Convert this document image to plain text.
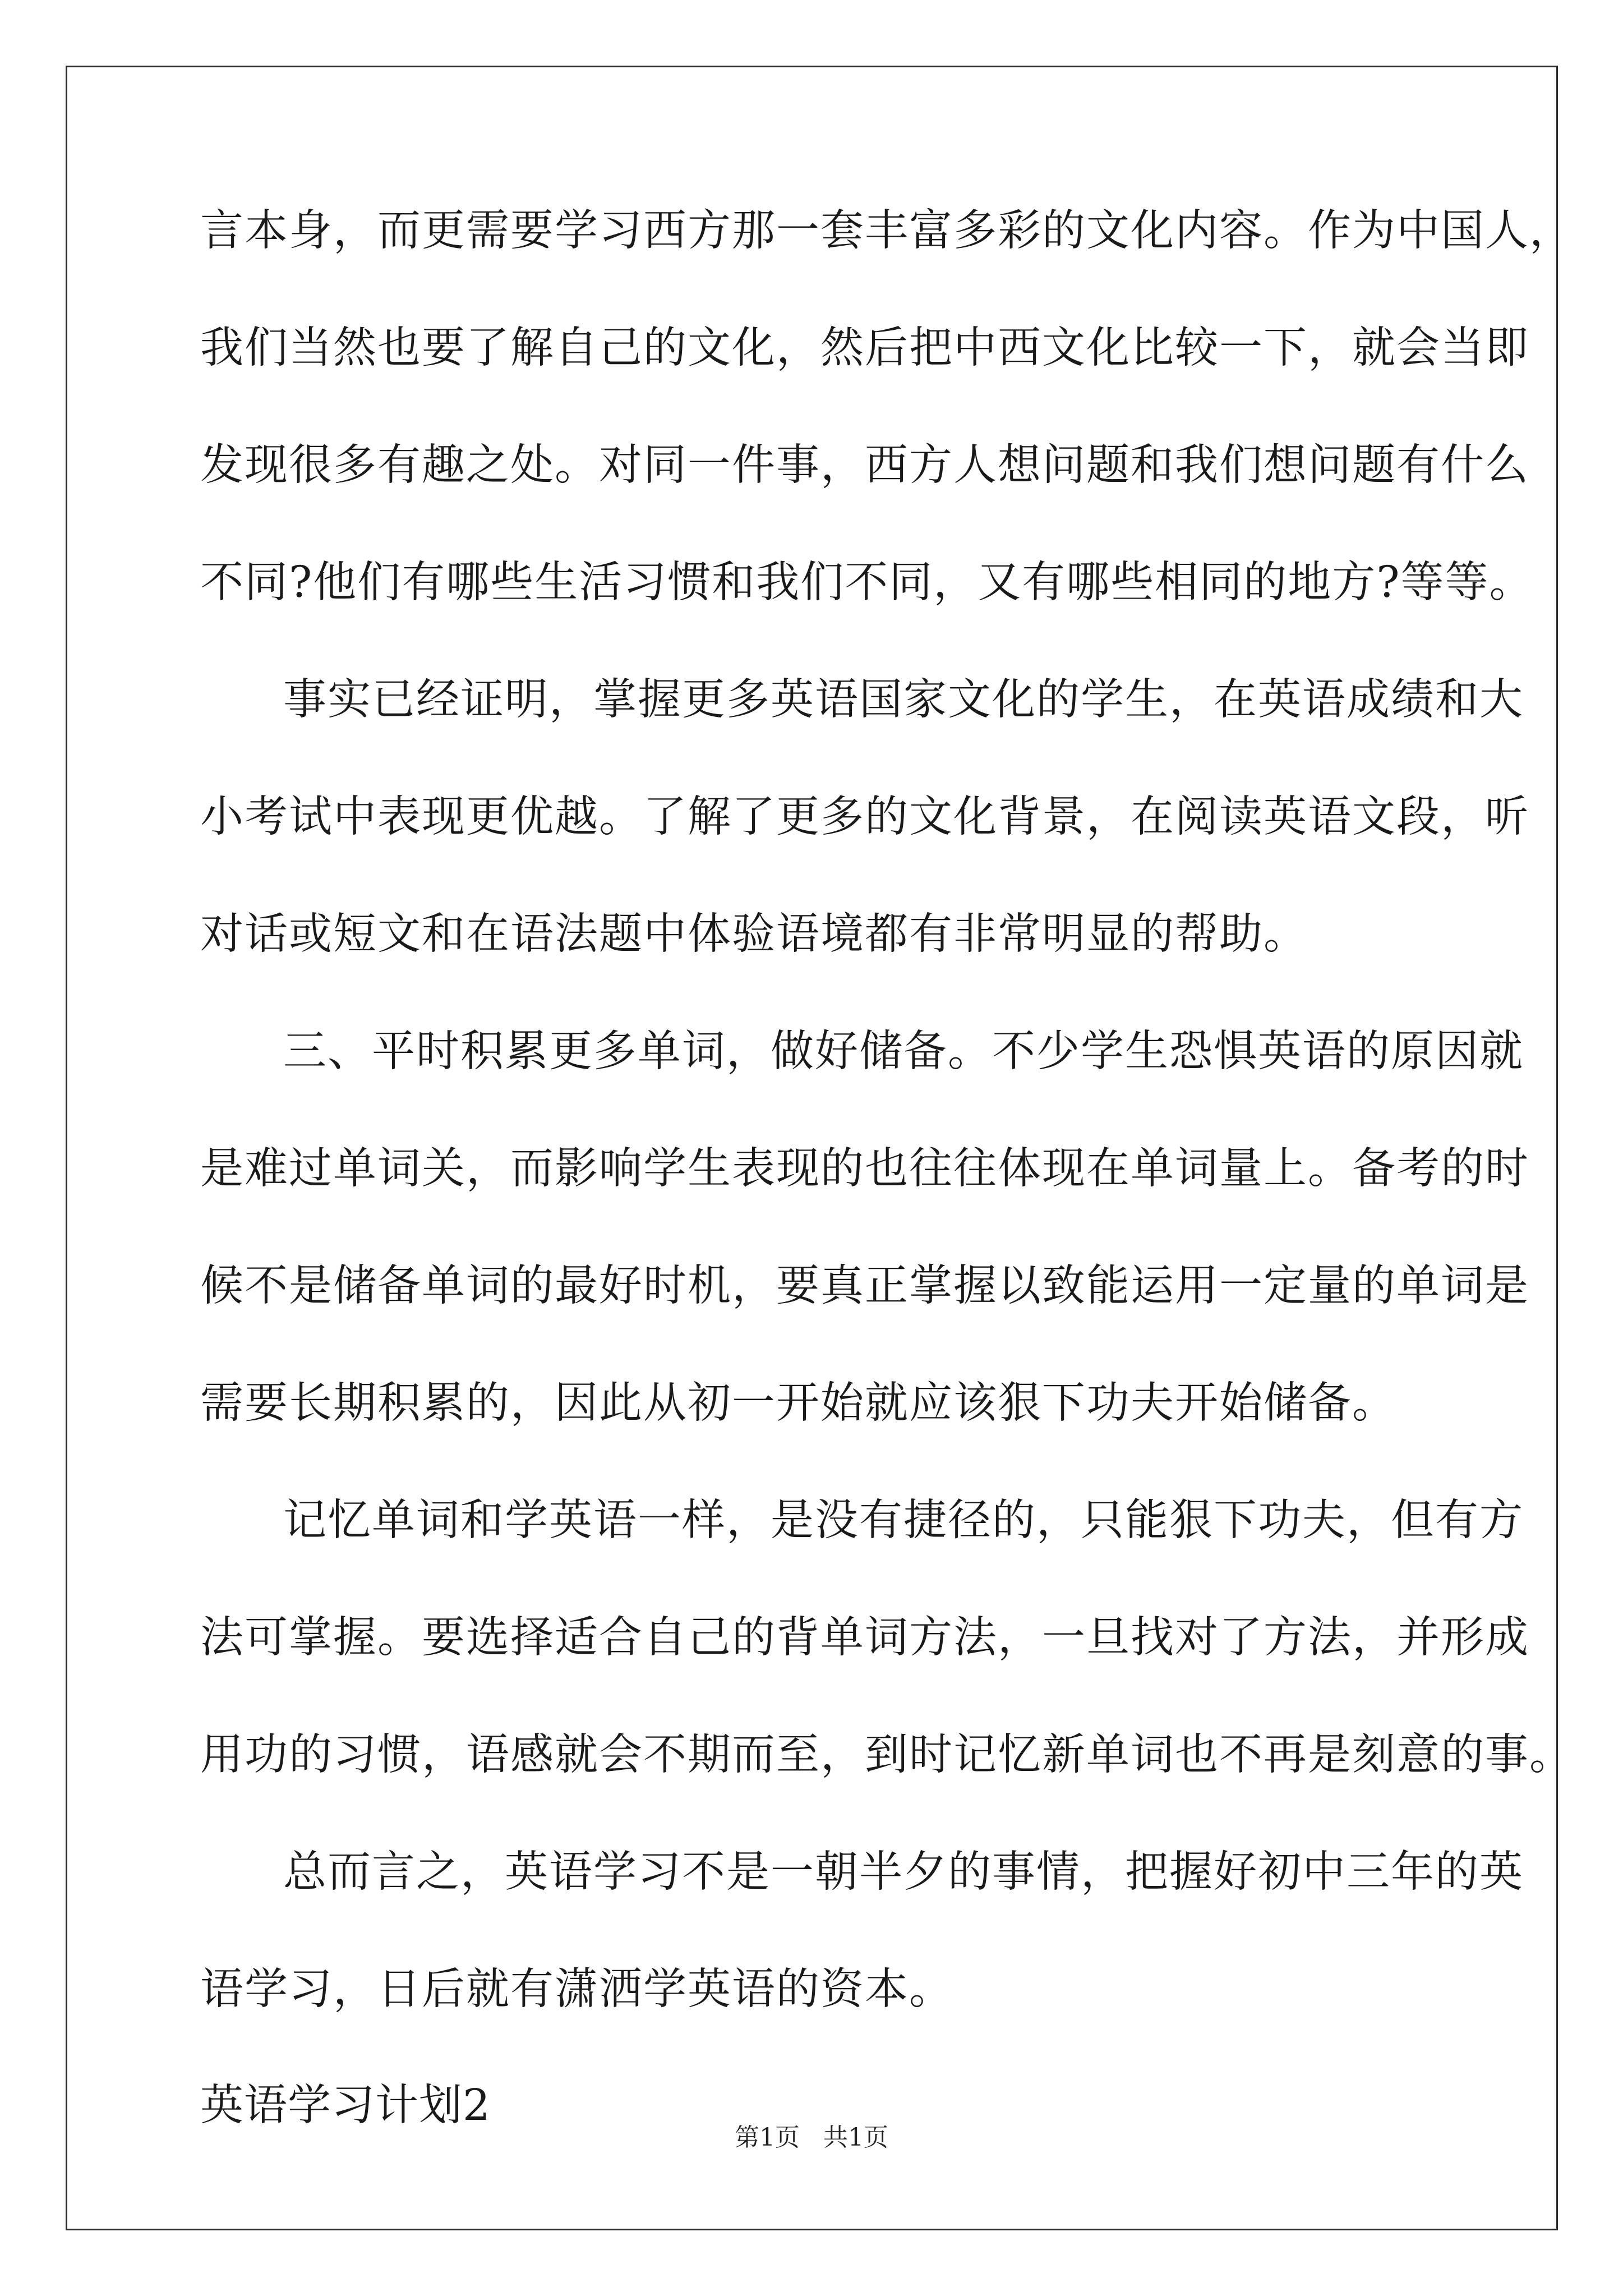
言本身，而更需要学习西方那一套丰富多彩的文化内容。作为中国人，

我们当然也要了解自己的文化，然后把中西文化比较一下，就会当即

发现很多有趣之处。对同一件事，西方人想问题和我们想问题有什么

不同?他们有哪些生活习惯和我们不同，又有哪些相同的地方?等等。

事实已经证明，掌握更多英语国家文化的学生，在英语成绩和大

小考试中表现更优越。了解了更多的文化背景，在阅读英语文段，听

对话或短文和在语法题中体验语境都有非常明显的帮助。

三、平时积累更多单词，做好储备。不少学生恐惧英语的原因就

是难过单词关，而影响学生表现的也往往体现在单词量上。备考的时

候不是储备单词的最好时机，要真正掌握以致能运用一定量的单词是

需要长期积累的，因此从初一开始就应该狠下功夫开始储备。

记忆单词和学英语一样，是没有捷径的，只能狠下功夫，但有方

法可掌握。要选择适合自己的背单词方法，一旦找对了方法，并形成

用功的习惯，语感就会不期而至，到时记忆新单词也不再是刻意的事。

总而言之，英语学习不是一朝半夕的事情，把握好初中三年的英

语学习，日后就有潇洒学英语的资本。

英语学习计划2

第1页   共1页
